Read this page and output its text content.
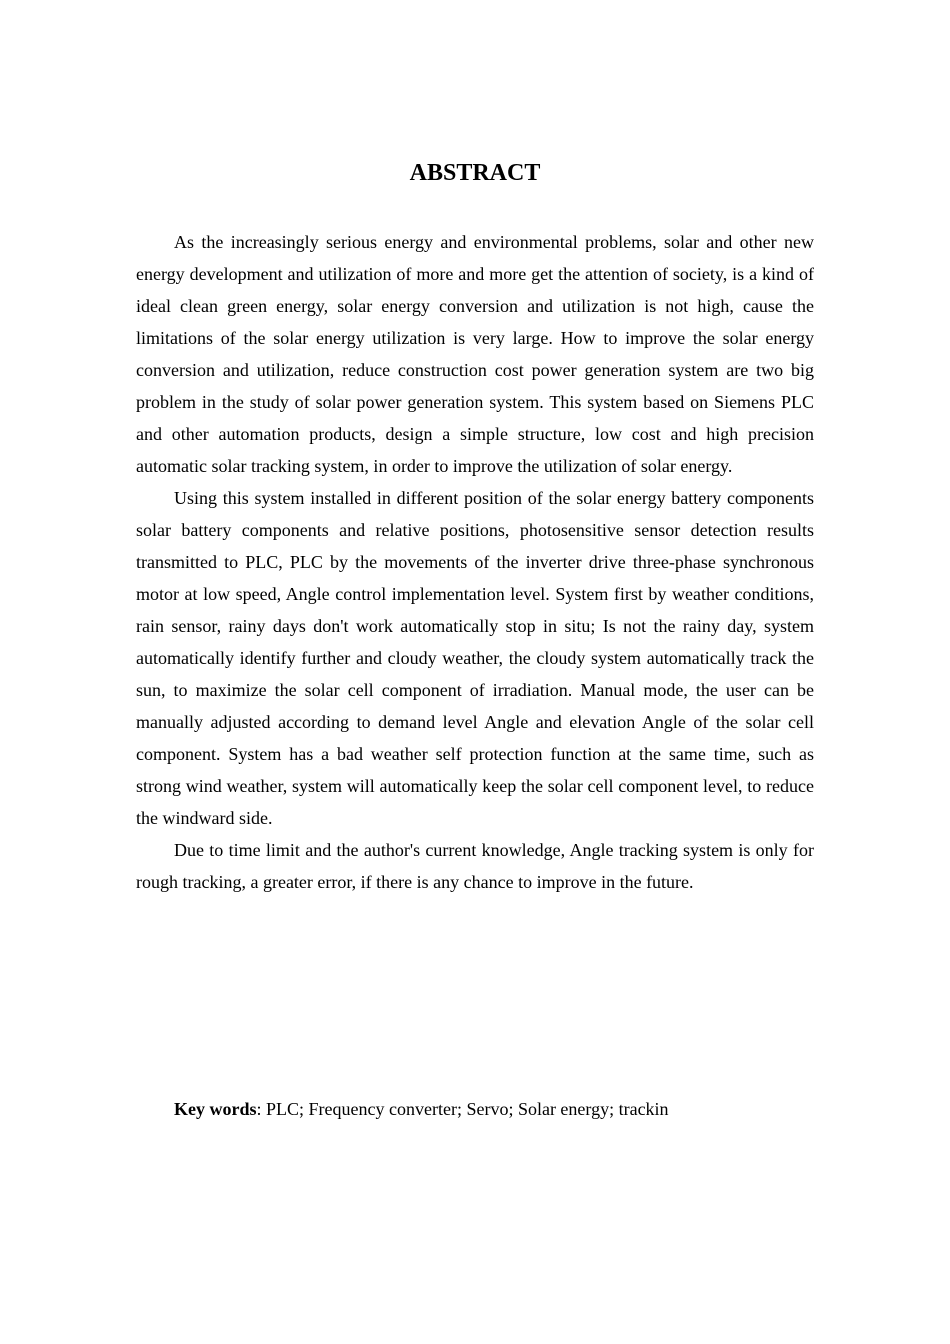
ABSTRACT

As the increasingly serious energy and environmental problems, solar and other new energy development and utilization of more and more get the attention of society, is a kind of ideal clean green energy, solar energy conversion and utilization is not high, cause the limitations of the solar energy utilization is very large. How to improve the solar energy conversion and utilization, reduce construction cost power generation system are two big problem in the study of solar power generation system. This system based on Siemens PLC and other automation products, design a simple structure, low cost and high precision automatic solar tracking system, in order to improve the utilization of solar energy.

Using this system installed in different position of the solar energy battery components solar battery components and relative positions, photosensitive sensor detection results transmitted to PLC, PLC by the movements of the inverter drive three-phase synchronous motor at low speed, Angle control implementation level. System first by weather conditions, rain sensor, rainy days don't work automatically stop in situ; Is not the rainy day, system automatically identify further and cloudy weather, the cloudy system automatically track the sun, to maximize the solar cell component of irradiation. Manual mode, the user can be manually adjusted according to demand level Angle and elevation Angle of the solar cell component. System has a bad weather self protection function at the same time, such as strong wind weather, system will automatically keep the solar cell component level, to reduce the windward side.

Due to time limit and the author's current knowledge, Angle tracking system is only for rough tracking, a greater error, if there is any chance to improve in the future.

Key words: PLC; Frequency converter; Servo; Solar energy; trackin
